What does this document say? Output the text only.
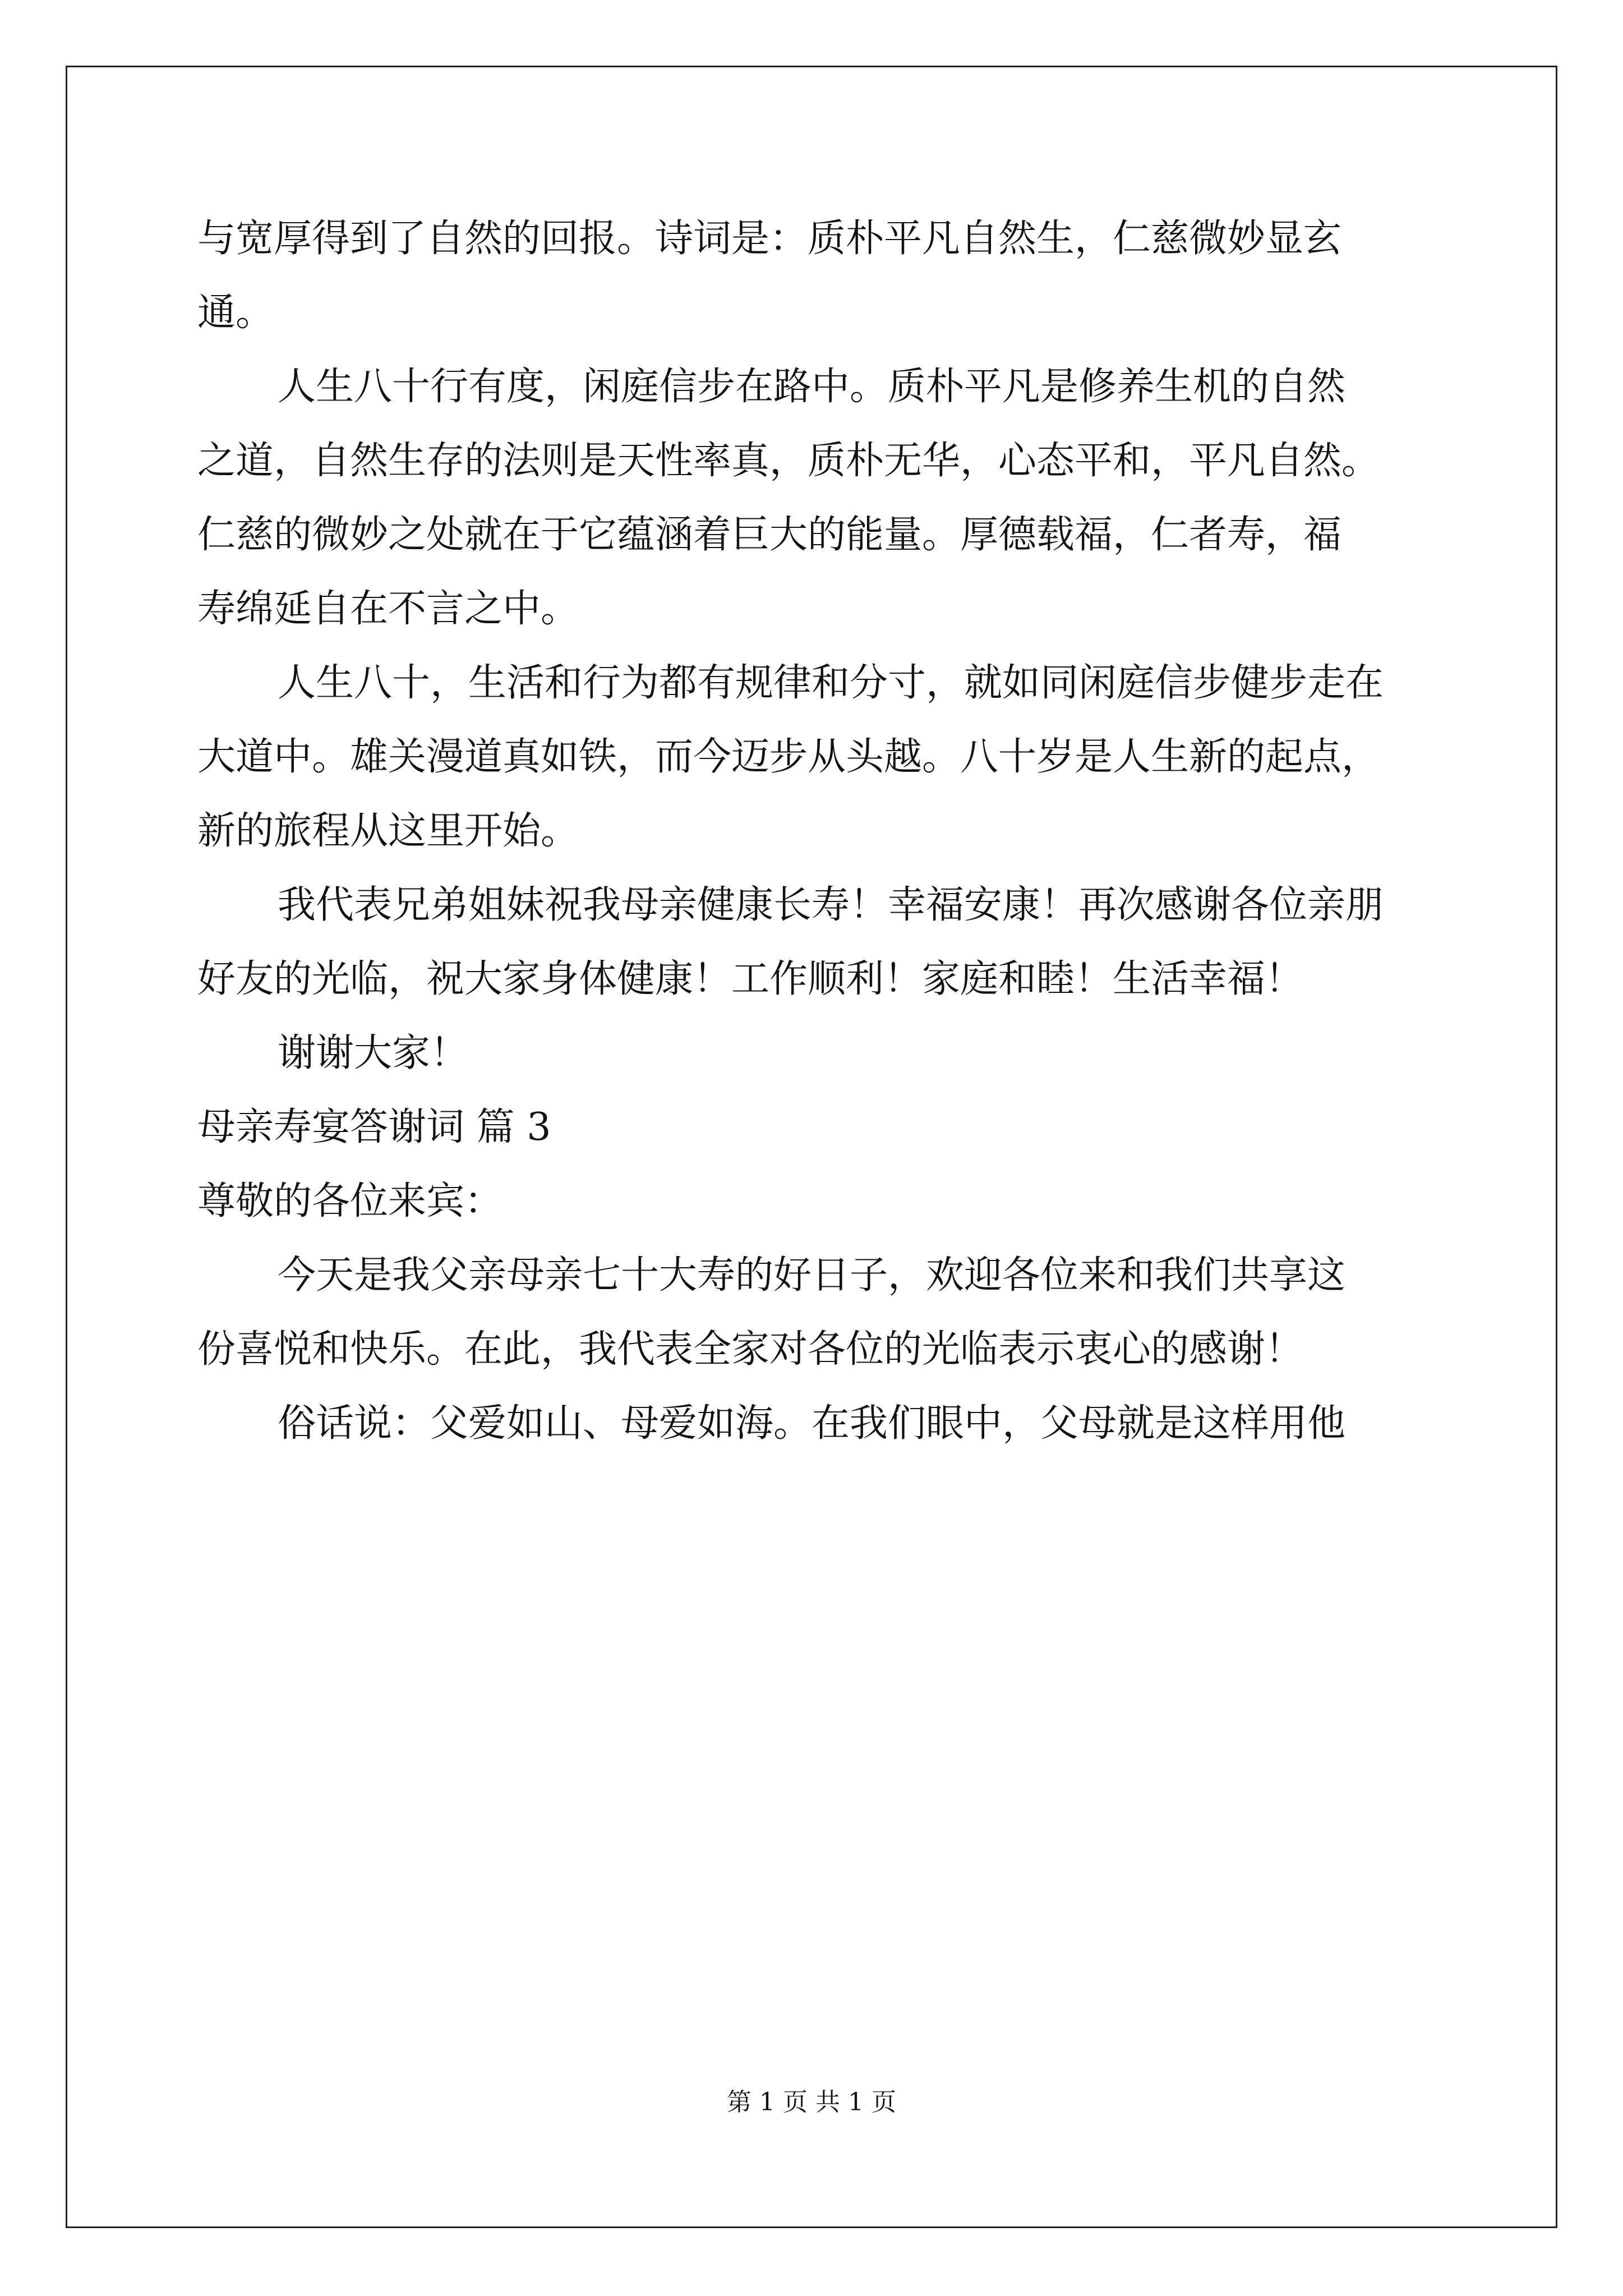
与宽厚得到了自然的回报。诗词是：质朴平凡自然生，仁慈微妙显玄

通。

人生八十行有度，闲庭信步在路中。质朴平凡是修养生机的自然

之道，自然生存的法则是天性率真，质朴无华，心态平和，平凡自然。

仁慈的微妙之处就在于它蕴涵着巨大的能量。厚德载福，仁者寿，福

寿绵延自在不言之中。

人生八十，生活和行为都有规律和分寸，就如同闲庭信步健步走在

大道中。雄关漫道真如铁，而今迈步从头越。八十岁是人生新的起点，

新的旅程从这里开始。

我代表兄弟姐妹祝我母亲健康长寿！幸福安康！再次感谢各位亲朋

好友的光临，祝大家身体健康！工作顺利！家庭和睦！生活幸福！

谢谢大家！

母亲寿宴答谢词 篇 3

尊敬的各位来宾：

今天是我父亲母亲七十大寿的好日子，欢迎各位来和我们共享这

份喜悦和快乐。在此，我代表全家对各位的光临表示衷心的感谢！

俗话说：父爱如山、母爱如海。在我们眼中，父母就是这样用他

第 1 页 共 1 页
